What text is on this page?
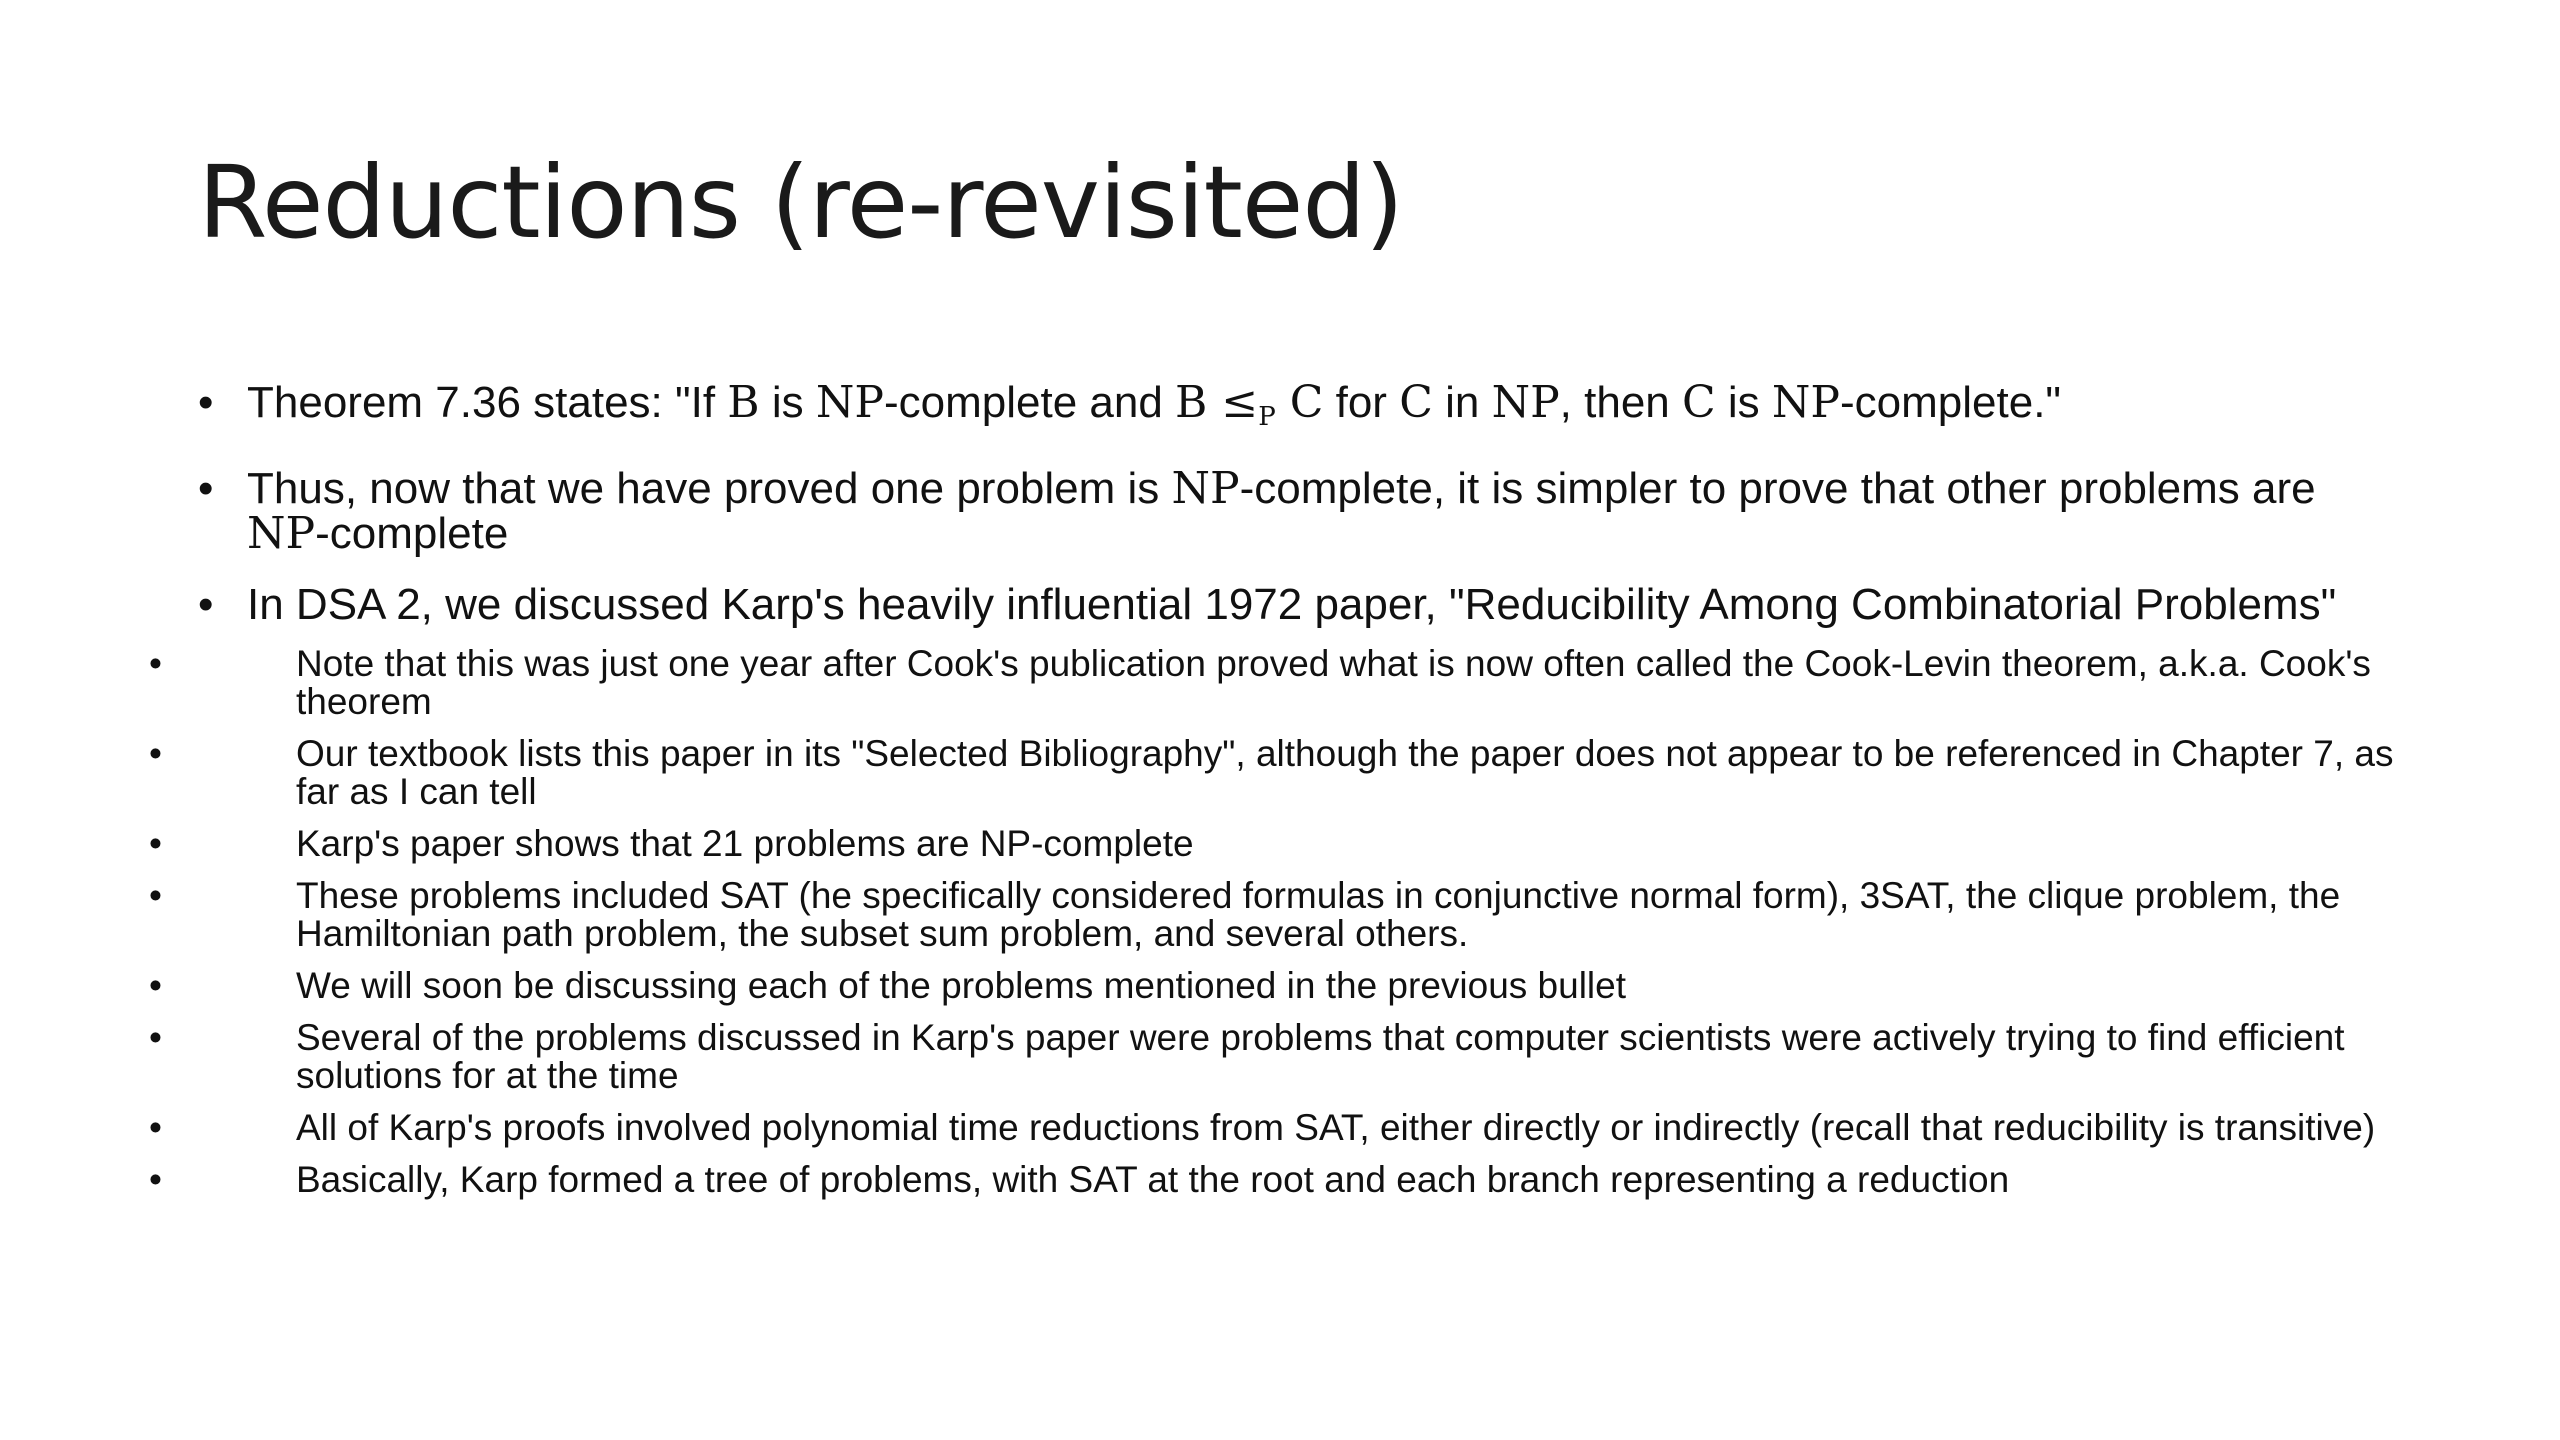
Reductions (re-revisited)
• Theorem 7.36 states: "If B is NP-complete and $B \le_P$ C for C in NP, then C is NP-complete."
• Thus, now that we have proved one problem is NP-complete, it is simpler to prove that other problems are NP-complete
• In DSA 2, we discussed Karp's heavily influential 1972 paper, "Reducibility Among Combinatorial Problems"
•	Note that this was just one year after Cook's publication proved what is now often called the Cook-Levin theorem, a.k.a. Cook's theorem
•	Our textbook lists this paper in its "Selected Bibliography", although the paper does not appear to be referenced in Chapter 7, as far as I can tell
•	Karp's paper shows that 21 problems are NP-complete
•	These problems included SAT (he specifically considered formulas in conjunctive normal form), 3SAT, the clique problem, the Hamiltonian path problem, the subset sum problem, and several others.
•	We will soon be discussing each of the problems mentioned in the previous bullet
•	Several of the problems discussed in Karp's paper were problems that computer scientists were actively trying to find efficient solutions for at the time
•	All of Karp's proofs involved polynomial time reductions from SAT, either directly or indirectly (recall that reducibility is transitive)
•	Basically, Karp formed a tree of problems, with SAT at the root and each branch representing a reduction
